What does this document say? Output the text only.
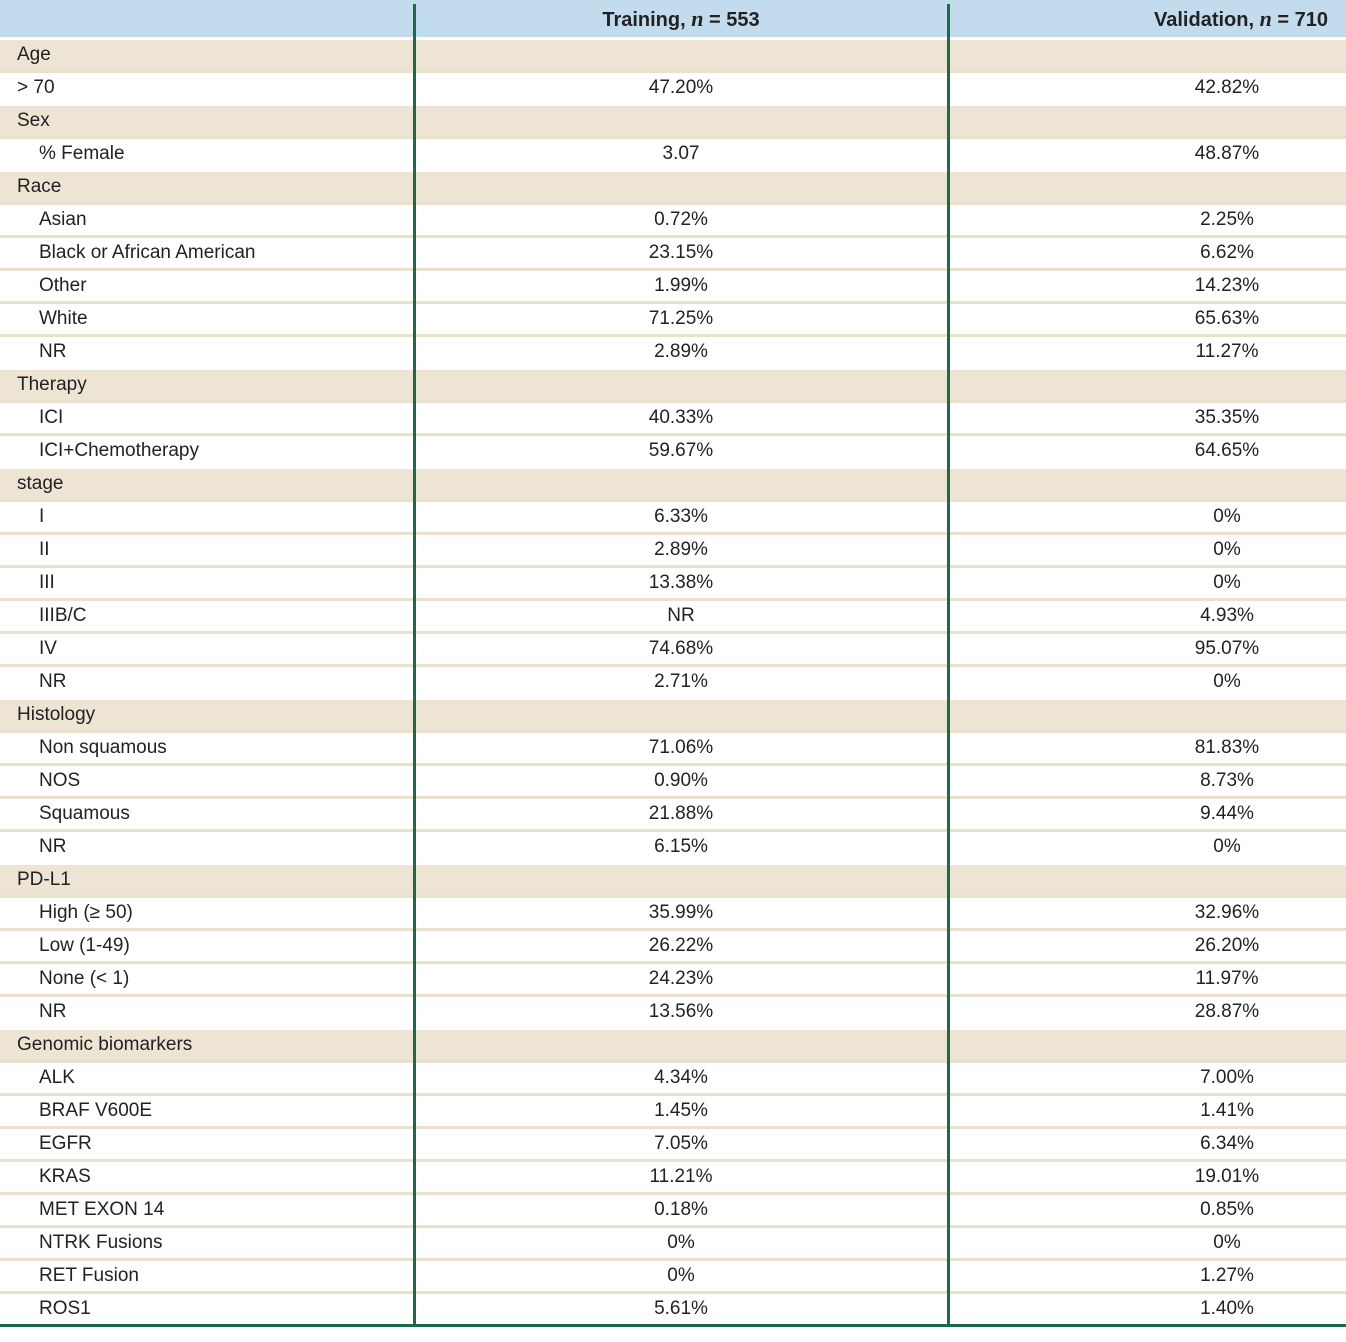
	Training, n = 553	Validation, n = 710
Age		
> 70	47.20%	42.82%
Sex		
% Female	3.07	48.87%
Race		
Asian	0.72%	2.25%
Black or African American	23.15%	6.62%
Other	1.99%	14.23%
White	71.25%	65.63%
NR	2.89%	11.27%
Therapy		
ICI	40.33%	35.35%
ICI+Chemotherapy	59.67%	64.65%
stage		
I	6.33%	0%
II	2.89%	0%
III	13.38%	0%
IIIB/C	NR	4.93%
IV	74.68%	95.07%
NR	2.71%	0%
Histology		
Non squamous	71.06%	81.83%
NOS	0.90%	8.73%
Squamous	21.88%	9.44%
NR	6.15%	0%
PD-L1		
High (≥ 50)	35.99%	32.96%
Low (1-49)	26.22%	26.20%
None (< 1)	24.23%	11.97%
NR	13.56%	28.87%
Genomic biomarkers		
ALK	4.34%	7.00%
BRAF V600E	1.45%	1.41%
EGFR	7.05%	6.34%
KRAS	11.21%	19.01%
MET EXON 14	0.18%	0.85%
NTRK Fusions	0%	0%
RET Fusion	0%	1.27%
ROS1	5.61%	1.40%
